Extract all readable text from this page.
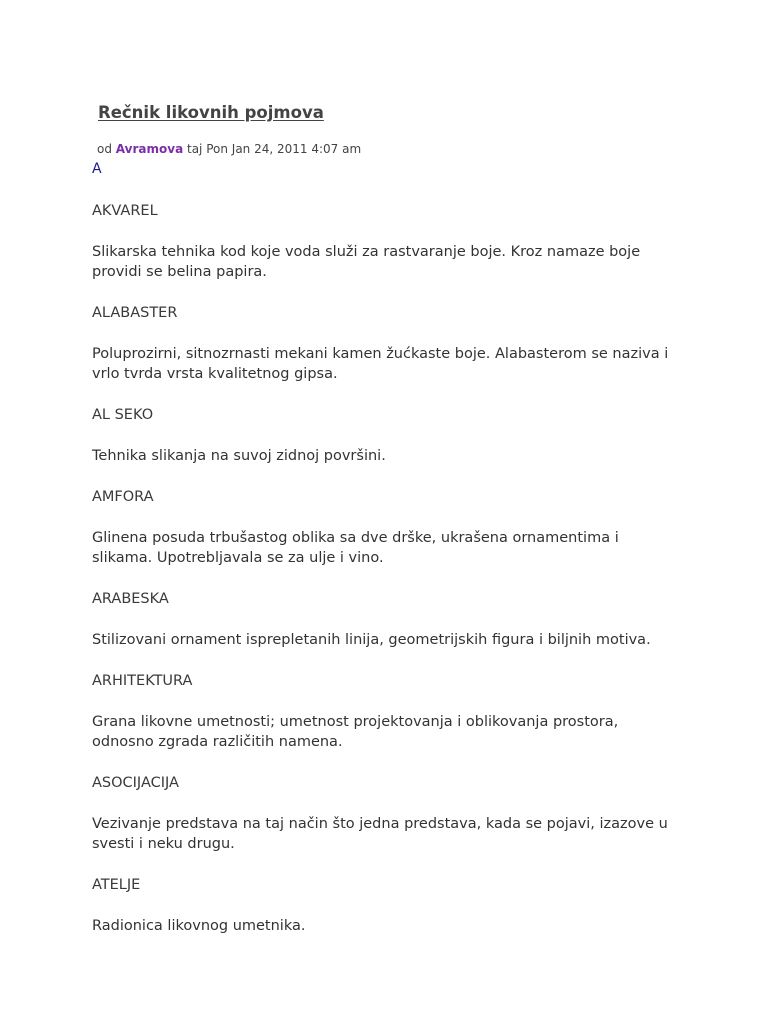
Rečnik likovnih pojmova
od Avramova taj Pon Jan 24, 2011 4:07 am
A

AKVAREL

Slikarska tehnika kod koje voda služi za rastvaranje boje. Kroz namaze boje providi se belina papira.

ALABASTER

Poluprozirni, sitnozrnasti mekani kamen žućkaste boje. Alabasterom se naziva i vrlo tvrda vrsta kvalitetnog gipsa.

AL SEKO

Tehnika slikanja na suvoj zidnoj površini.

AMFORA

Glinena posuda trbušastog oblika sa dve drške, ukrašena ornamentima i slikama. Upotrebljavala se za ulje i vino.

ARABESKA

Stilizovani ornament isprepletanih linija, geometrijskih figura i biljnih motiva.

ARHITEKTURA

Grana likovne umetnosti; umetnost projektovanja i oblikovanja prostora, odnosno zgrada različitih namena.

ASOCIJACIJA

Vezivanje predstava na taj način što jedna predstava, kada se pojavi, izazove u svesti i neku drugu.

ATELJE

Radionica likovnog umetnika.
